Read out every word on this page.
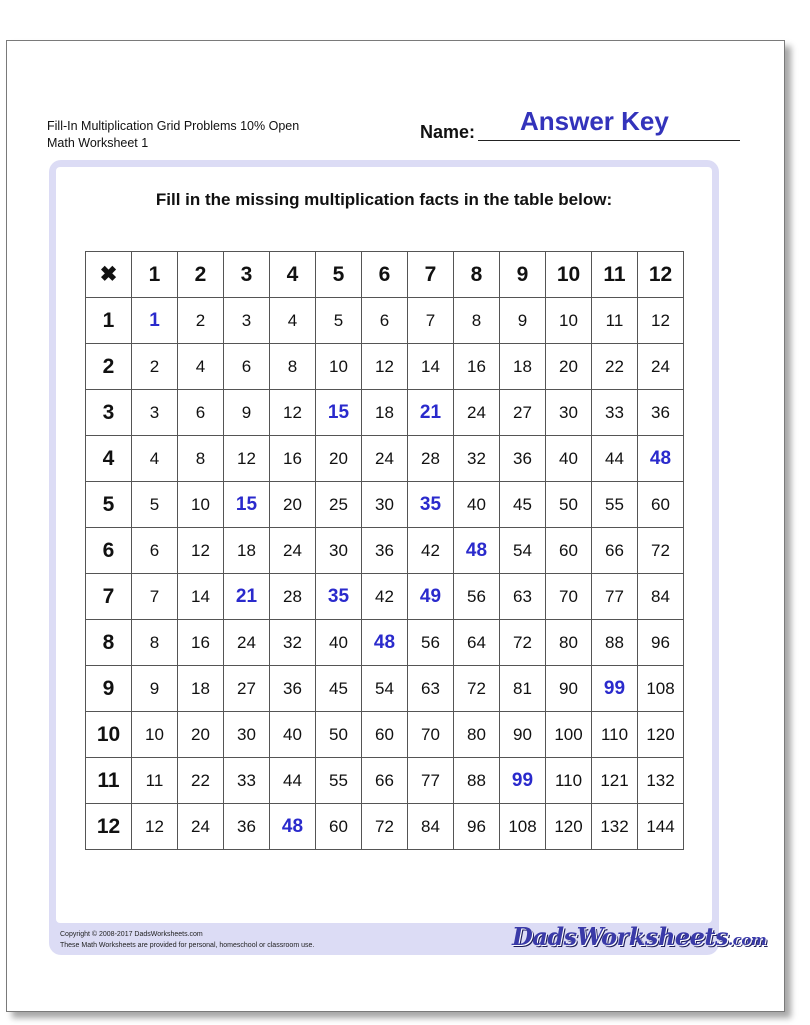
Fill-In Multiplication Grid Problems 10% Open
Math Worksheet 1
Name: Answer Key
Fill in the missing multiplication facts in the table below:
✖	1	2	3	4	5	6	7	8	9	10	11	12
1	1	2	3	4	5	6	7	8	9	10	11	12
2	2	4	6	8	10	12	14	16	18	20	22	24
3	3	6	9	12	15	18	21	24	27	30	33	36
4	4	8	12	16	20	24	28	32	36	40	44	48
5	5	10	15	20	25	30	35	40	45	50	55	60
6	6	12	18	24	30	36	42	48	54	60	66	72
7	7	14	21	28	35	42	49	56	63	70	77	84
8	8	16	24	32	40	48	56	64	72	80	88	96
9	9	18	27	36	45	54	63	72	81	90	99	108
10	10	20	30	40	50	60	70	80	90	100	110	120
11	11	22	33	44	55	66	77	88	99	110	121	132
12	12	24	36	48	60	72	84	96	108	120	132	144
Copyright © 2008-2017 DadsWorksheets.com
These Math Worksheets are provided for personal, homeschool or classroom use.	DadsWorksheets.com
